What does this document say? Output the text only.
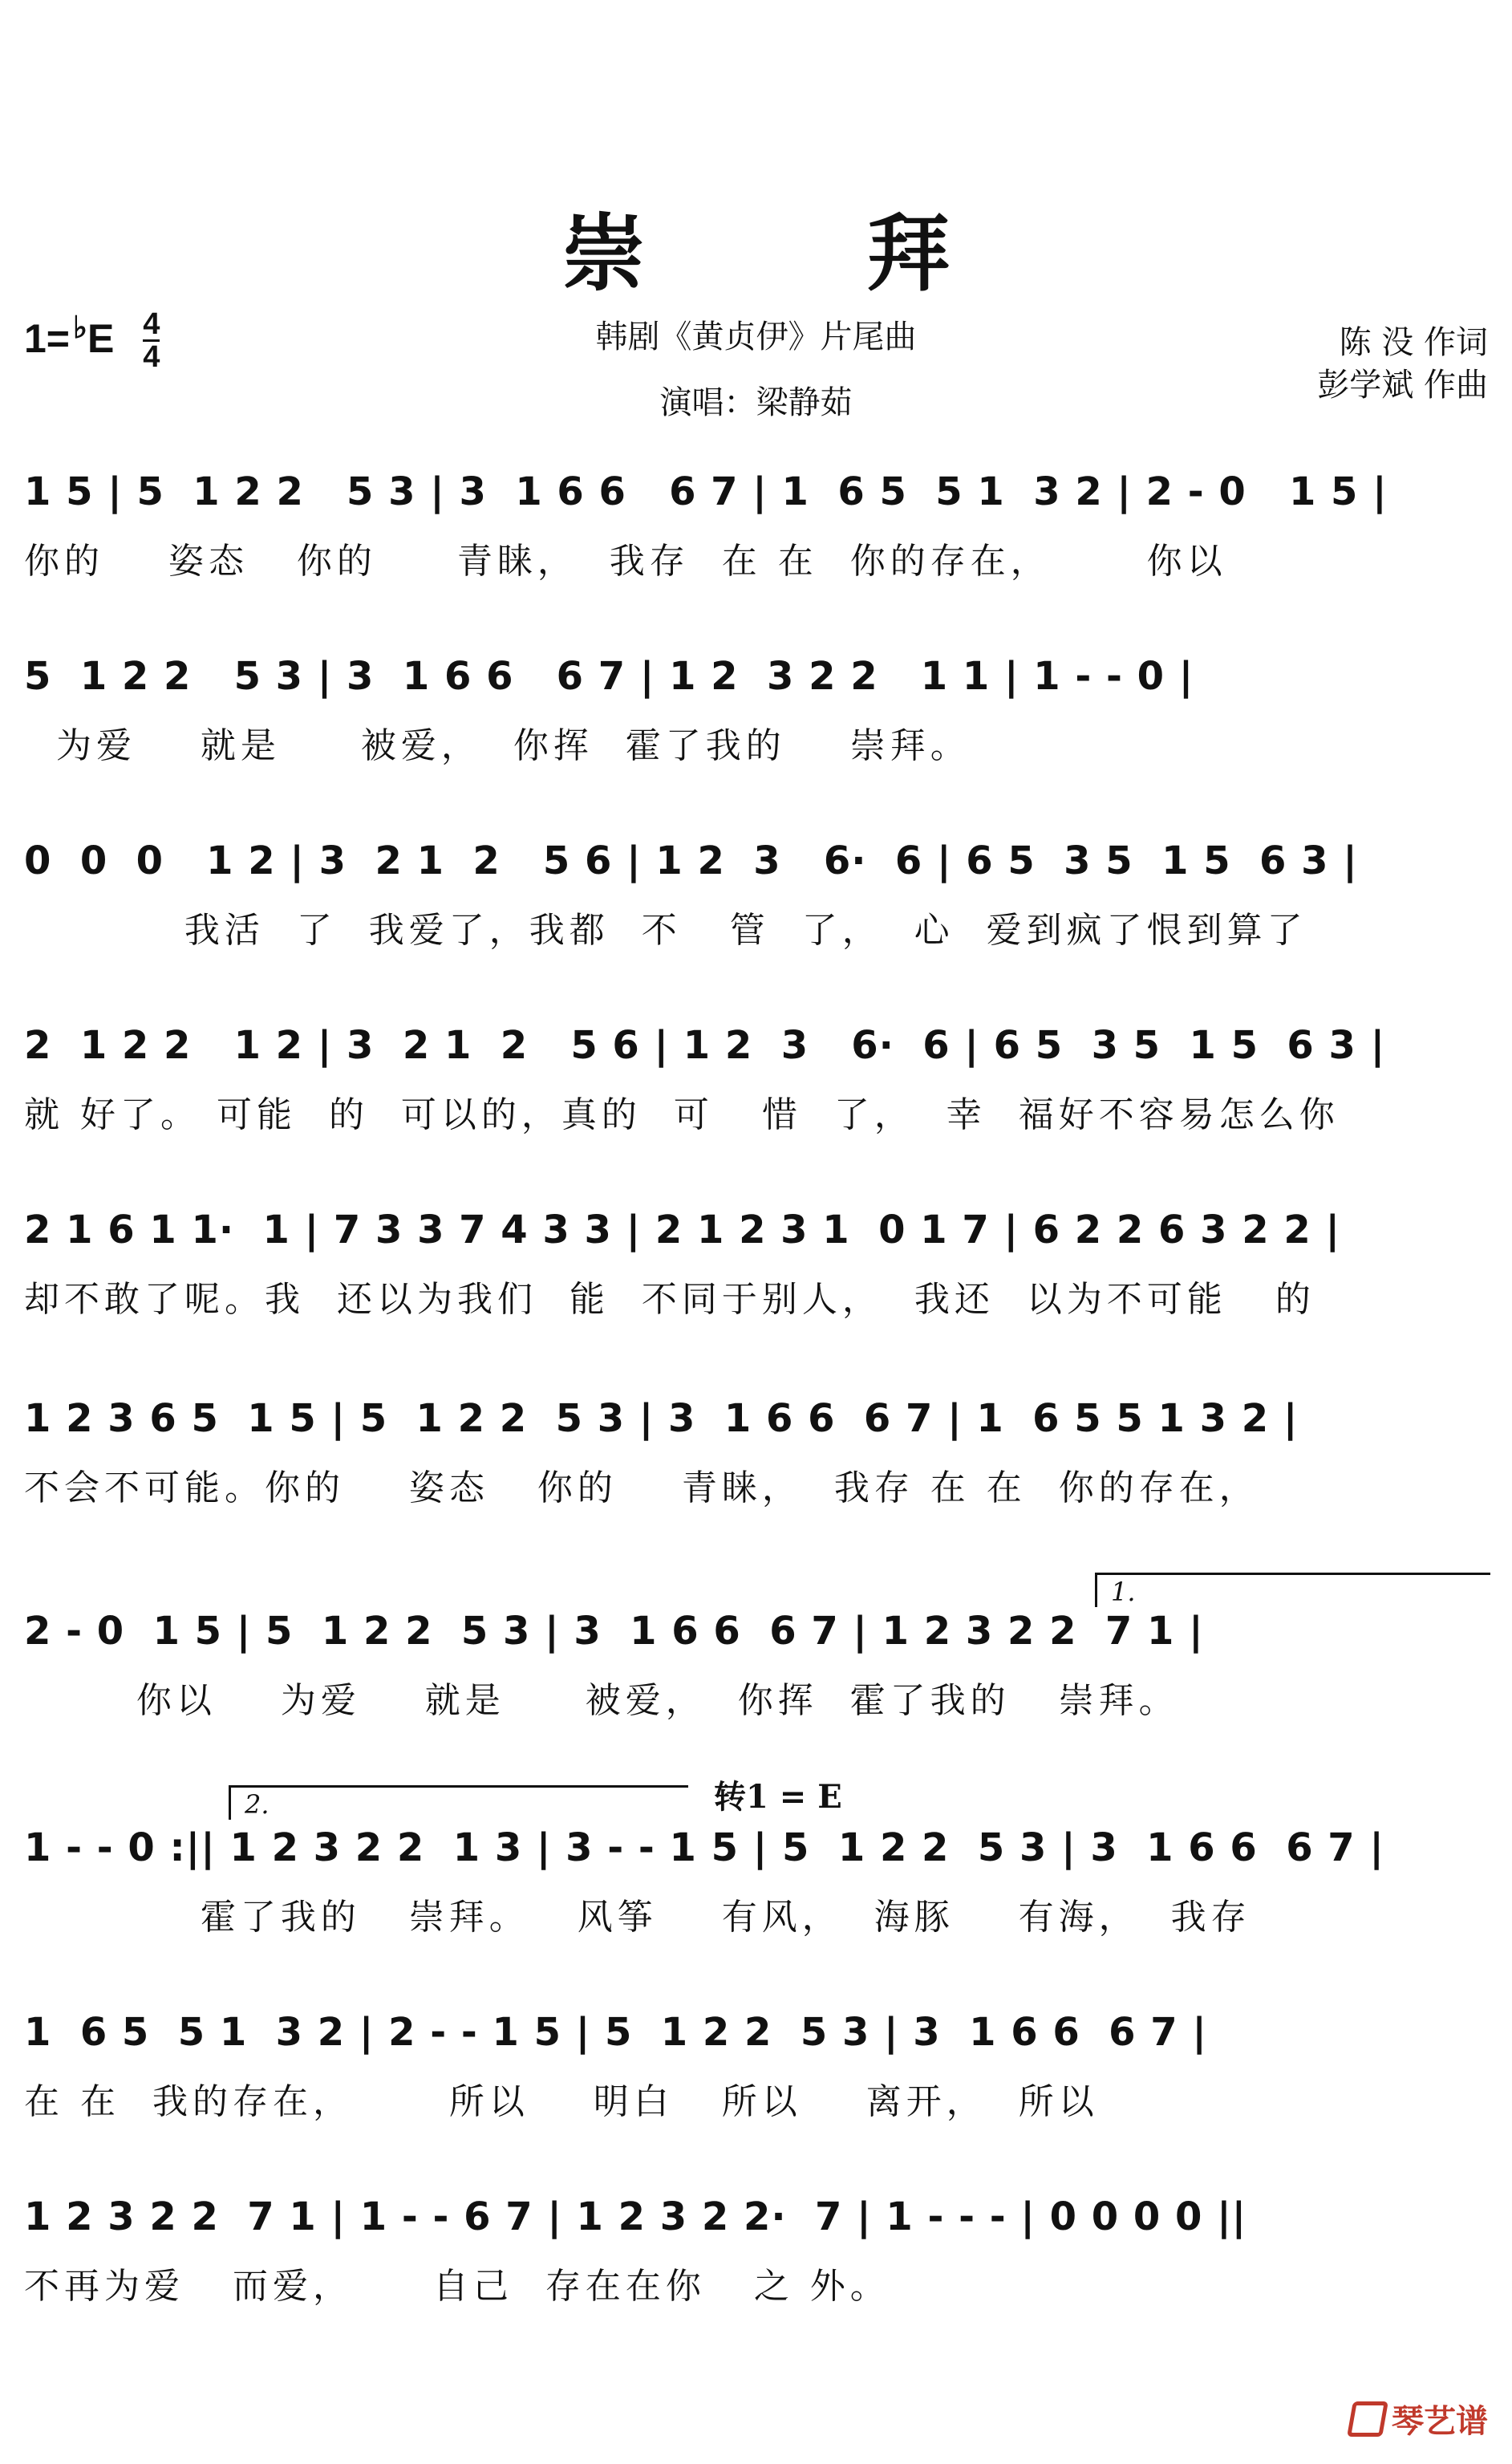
崇 拜
$1= ^♭E \frac{4}{4}$	韩剧《黄贞伊》片尾曲
演唱：梁静茹
陈 没 作词
彭学斌 作曲
1 5 | 5  1 2 2   5 3 | 3  1 6 6   6 7 | 1  6 5  5 1  3 2 | 2 - 0   1 5 |
你的    姿态   你的     青睐，  我存  在 在  你的存在，      你以
5  1 2 2   5 3 | 3  1 6 6   6 7 | 1 2  3 2 2   1 1 | 1 - - 0 |
为爱    就是     被爱，  你挥  霍了我的    崇拜。
0  0  0   1 2 | 3  2 1  2   5 6 | 1 2  3   6·  6 | 6 5  3 5  1 5  6 3 |
我活  了  我爱了，我都  不   管  了，  心  爱到疯了恨到算了
2  1 2 2   1 2 | 3  2 1  2   5 6 | 1 2  3   6·  6 | 6 5  3 5  1 5  6 3 |
就 好了。 可能  的  可以的，真的  可   惜  了，  幸  福好不容易怎么你
2 1 6 1 1·  1 | 7 3 3 7 4 3 3 | 2 1 2 3 1  0 1 7 | 6 2 2 6 3 2 2 |
却不敢了呢。我  还以为我们  能  不同于别人，  我还  以为不可能   的
1 2 3 6 5  1 5 | 5  1 2 2  5 3 | 3  1 6 6  6 7 | 1  6 5 5 1 3 2 |
不会不可能。你的    姿态   你的    青睐，  我存 在 在  你的存在，
1.
2 - 0  1 5 | 5  1 2 2  5 3 | 3  1 6 6  6 7 | 1 2 3 2 2  7 1 |
你以    为爱    就是     被爱，  你挥  霍了我的   崇拜。
2.	转1 = E
1 - - 0 :|| 1 2 3 2 2  1 3 | 3 - - 1 5 | 5  1 2 2  5 3 | 3  1 6 6  6 7 |
霍了我的   崇拜。   风筝    有风，  海豚    有海，  我存
1  6 5  5 1  3 2 | 2 - - 1 5 | 5  1 2 2  5 3 | 3  1 6 6  6 7 |
在 在  我的存在，      所以    明白   所以    离开，  所以
1 2 3 2 2  7 1 | 1 - - 6 7 | 1 2 3 2 2·  7 | 1 - - - | 0 0 0 0 ||
不再为爱   而爱，     自己  存在在你   之 外。
琴艺谱
